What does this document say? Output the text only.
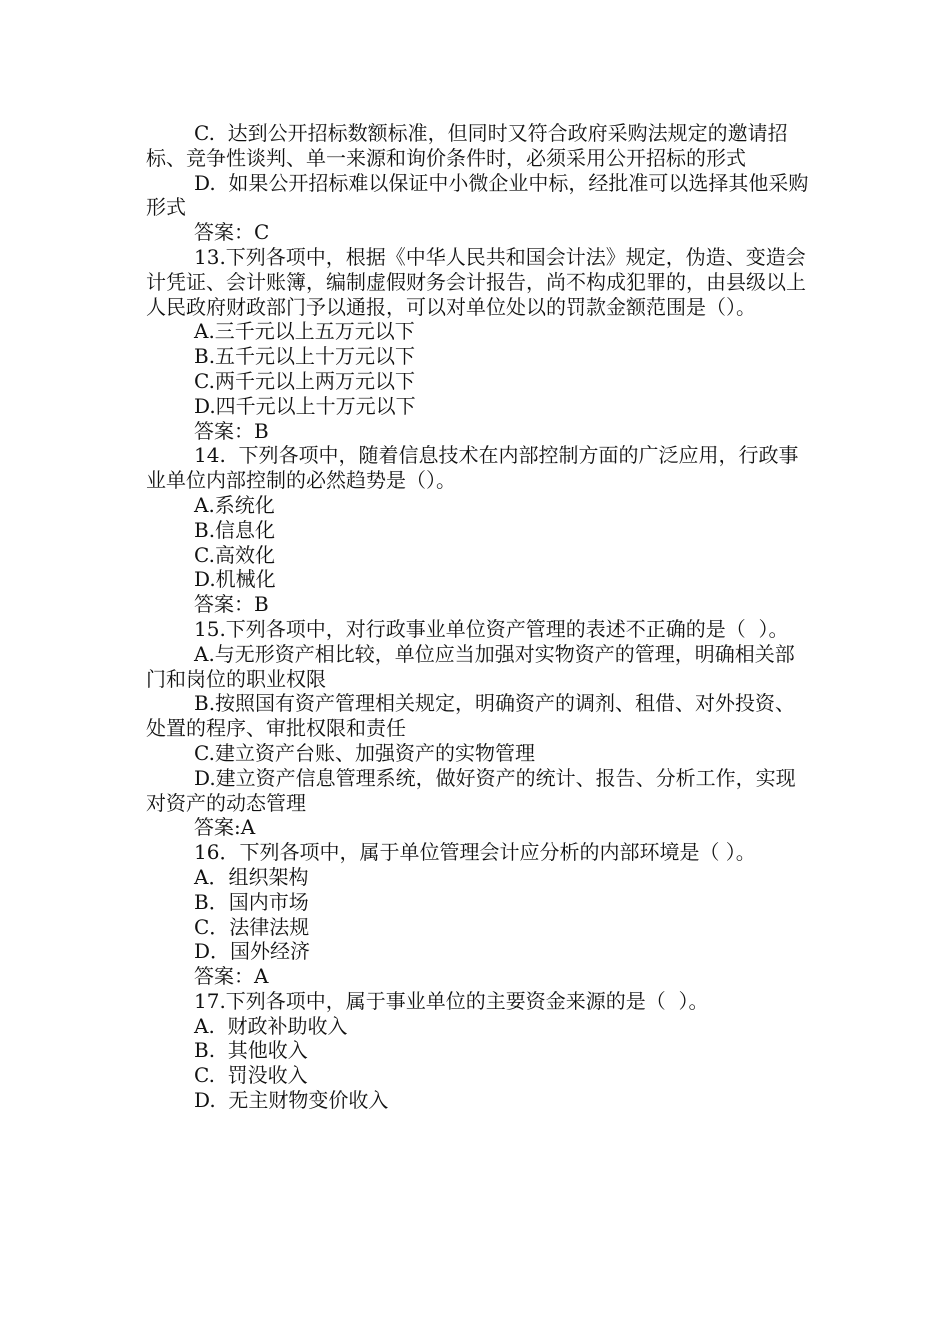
C.  达到公开招标数额标准，但同时又符合政府采购法规定的邀请招标、竞争性谈判、单一来源和询价条件时，必须采用公开招标的形式

D.  如果公开招标难以保证中小微企业中标，经批准可以选择其他采购形式

答案：C

13.下列各项中，根据《中华人民共和国会计法》规定，伪造、变造会计凭证、会计账簿，编制虚假财务会计报告，尚不构成犯罪的，由县级以上人民政府财政部门予以通报，可以对单位处以的罚款金额范围是（）。

A.三千元以上五万元以下

B.五千元以上十万元以下

C.两千元以上两万元以下

D.四千元以上十万元以下

答案：B

14.  下列各项中，随着信息技术在内部控制方面的广泛应用，行政事业单位内部控制的必然趋势是（）。

A.系统化

B.信息化

C.高效化

D.机械化

答案：B

15.下列各项中，对行政事业单位资产管理的表述不正确的是（  ）。

A.与无形资产相比较，单位应当加强对实物资产的管理，明确相关部门和岗位的职业权限

B.按照国有资产管理相关规定，明确资产的调剂、租借、对外投资、处置的程序、审批权限和责任

C.建立资产台账、加强资产的实物管理

D.建立资产信息管理系统，做好资产的统计、报告、分析工作，实现对资产的动态管理

答案:A

16．下列各项中，属于单位管理会计应分析的内部环境是（ ）。

A．组织架构

B．国内市场

C．法律法规

D．国外经济

答案：A

17.下列各项中，属于事业单位的主要资金来源的是（  ）。

A.  财政补助收入

B.  其他收入

C.  罚没收入

D.  无主财物变价收入
